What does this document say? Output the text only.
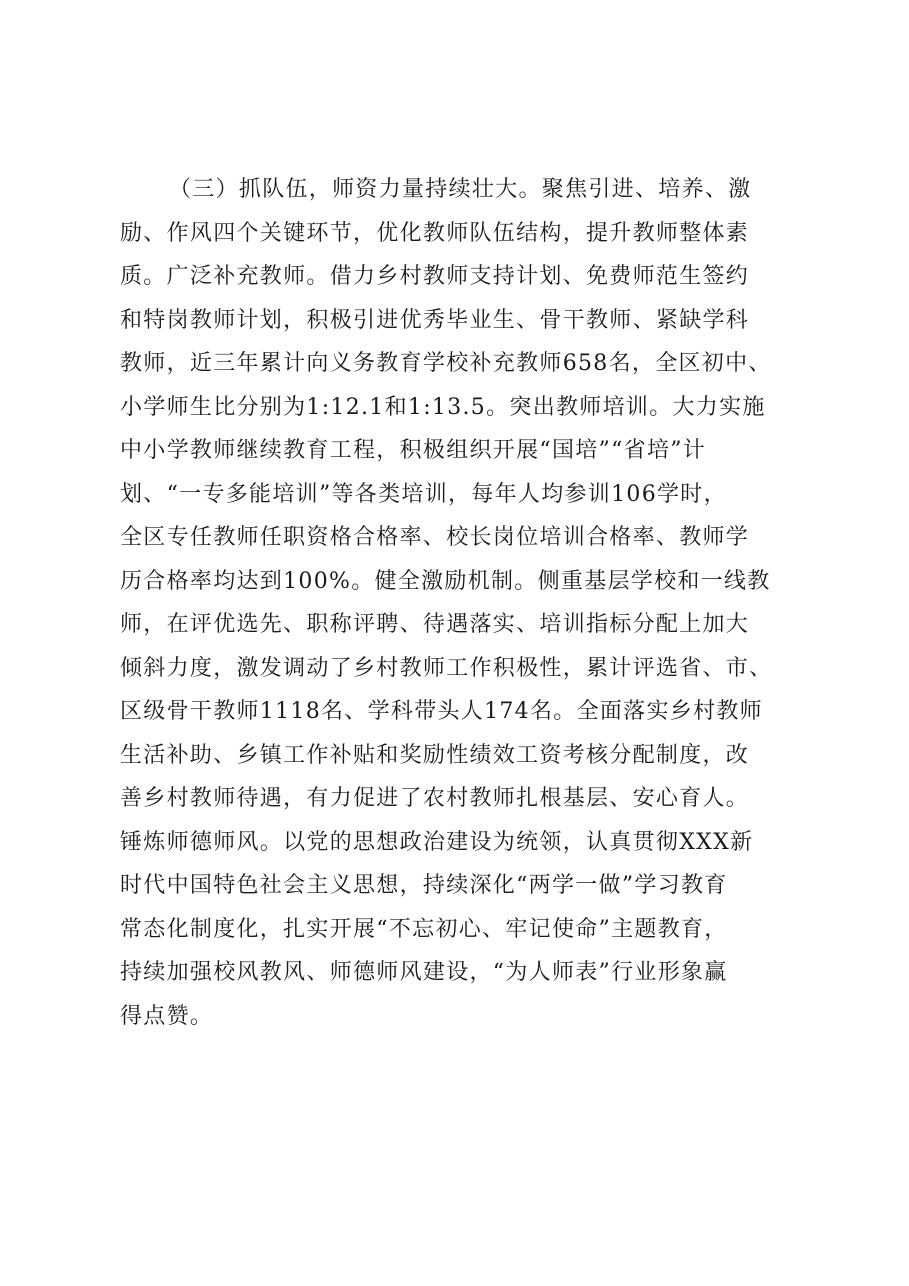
（三）抓队伍，师资力量持续壮大。聚焦引进、培养、激
励、作风四个关键环节，优化教师队伍结构，提升教师整体素
质。广泛补充教师。借力乡村教师支持计划、免费师范生签约
和特岗教师计划，积极引进优秀毕业生、骨干教师、紧缺学科
教师，近三年累计向义务教育学校补充教师658名，全区初中、
小学师生比分别为1:12.1和1:13.5。突出教师培训。大力实施
中小学教师继续教育工程，积极组织开展“国培”“省培”计
划、“一专多能培训”等各类培训，每年人均参训106学时，
全区专任教师任职资格合格率、校长岗位培训合格率、教师学
历合格率均达到100%。健全激励机制。侧重基层学校和一线教
师，在评优选先、职称评聘、待遇落实、培训指标分配上加大
倾斜力度，激发调动了乡村教师工作积极性，累计评选省、市、
区级骨干教师1118名、学科带头人174名。全面落实乡村教师
生活补助、乡镇工作补贴和奖励性绩效工资考核分配制度，改
善乡村教师待遇，有力促进了农村教师扎根基层、安心育人。
锤炼师德师风。以党的思想政治建设为统领，认真贯彻XXX新
时代中国特色社会主义思想，持续深化“两学一做”学习教育
常态化制度化，扎实开展“不忘初心、牢记使命”主题教育，
持续加强校风教风、师德师风建设，“为人师表”行业形象赢
得点赞。
